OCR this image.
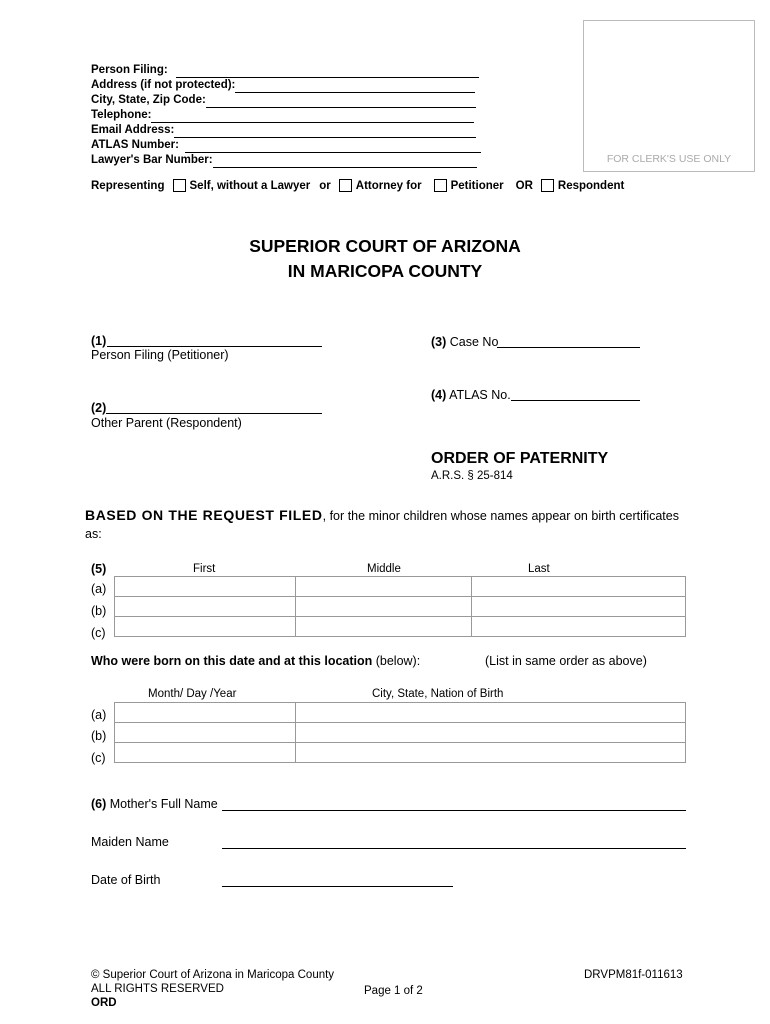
Person Filing:
Address (if not protected):
City, State, Zip Code:
Telephone:
Email Address:
ATLAS Number:
Lawyer's Bar Number:	FOR CLERK'S USE ONLY
Representing Self, without a Lawyer or Attorney for	Petitioner OR Respondent
SUPERIOR COURT OF ARIZONA
IN MARICOPA COUNTY
(1)
Person Filing (Petitioner)
(2)
Other Parent (Respondent)
(3) Case No
(4) ATLAS No.
ORDER OF PATERNITY
A.R.S. § 25-814
BASED ON THE REQUEST FILED, for the minor children whose names appear on birth certificates as:
(5)	First	Middle	Last
(a)
(b)
(c)

Who were born on this date and at this location (below):	(List in same order as above)
Month/ Day /Year	City, State, Nation of Birth
(a)
(b)
(c)

(6) Mother's Full Name
Maiden Name
Date of Birth
© Superior Court of Arizona in Maricopa County
ALL RIGHTS RESERVED
ORD
Page 1 of 2
DRVPM81f-011613
